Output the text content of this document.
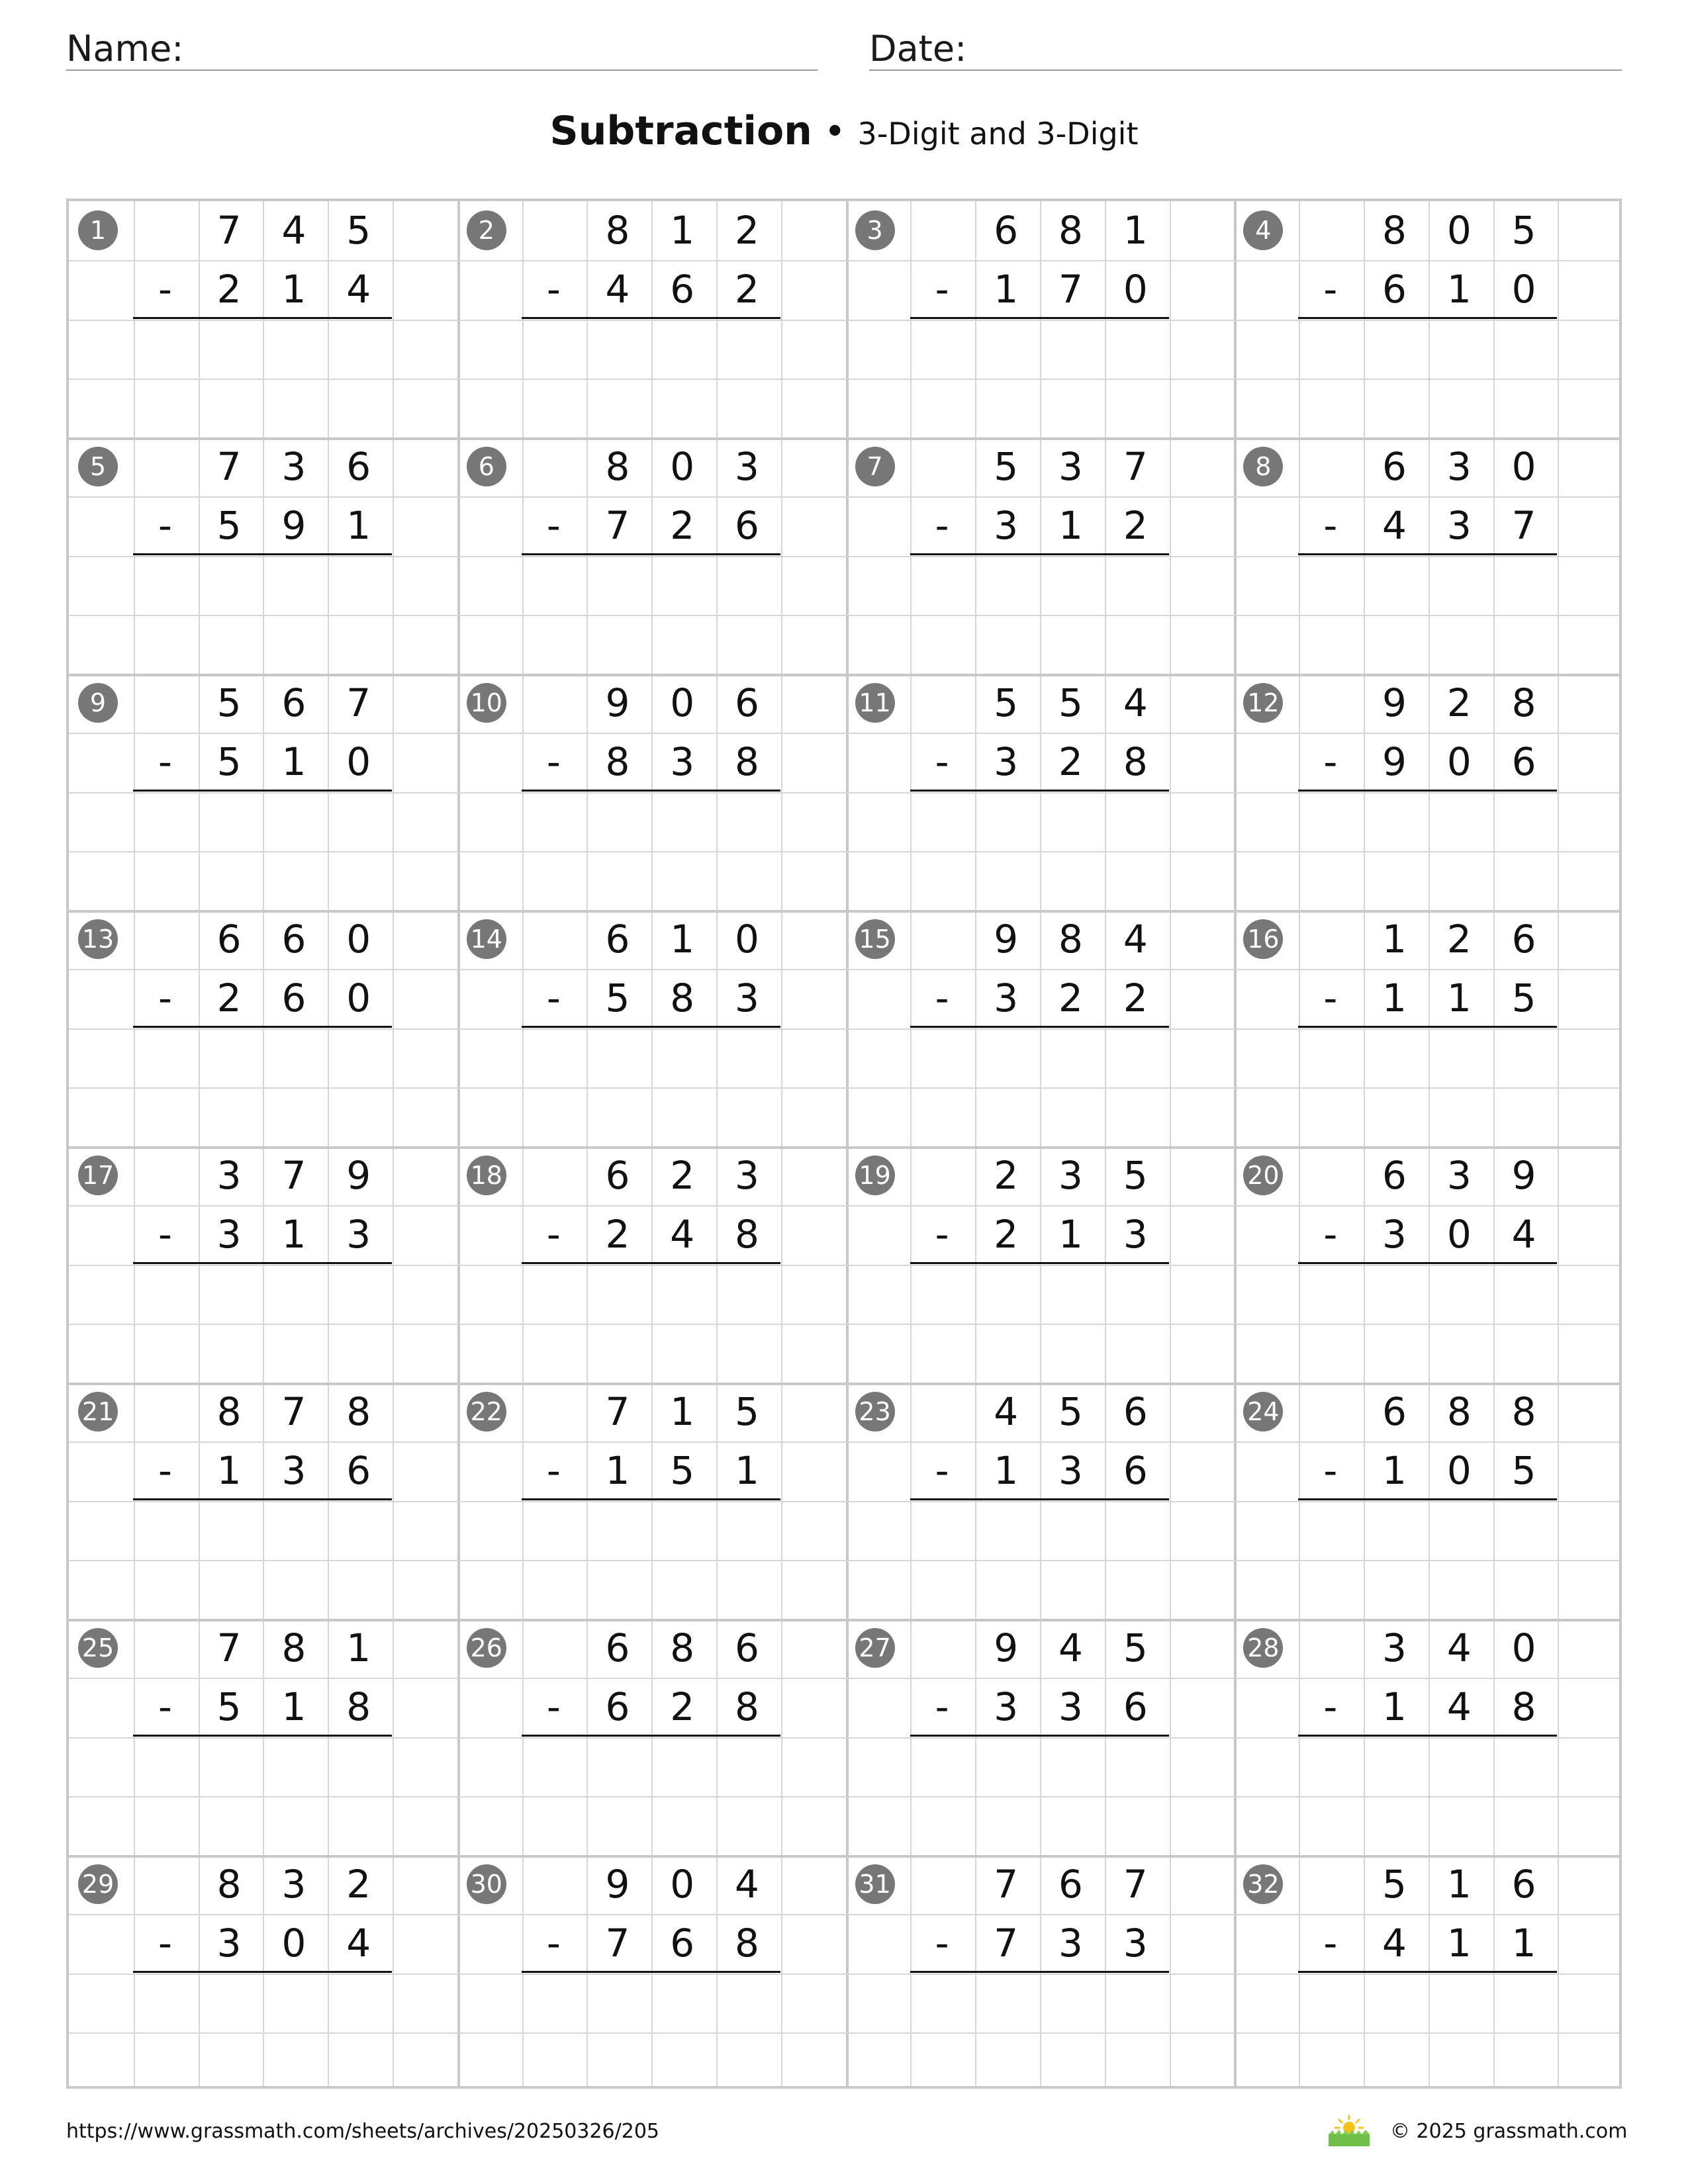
Name:	Date:
Subtraction • 3-Digit and 3-Digit
1
-
7	4	5
2	1	4
2
-
8	1	2
4	6	2
3
-
6	8	1
1	7	0
4
-
8	0	5
6	1	0
5
-
7	3	6
5	9	1
6
-
8	0	3
7	2	6
7
-
5	3	7
3	1	2
8
-
6	3	0
4	3	7
9
-
5	6	7
5	1	0
10
-
9	0	6
8	3	8
11
-
5	5	4
3	2	8
12
-
9	2	8
9	0	6
13
-
6	6	0
2	6	0
14
-
6	1	0
5	8	3
15
-
9	8	4
3	2	2
16
-
1	2	6
1	1	5
17
-
3	7	9
3	1	3
18
-
6	2	3
2	4	8
19
-
2	3	5
2	1	3
20
-
6	3	9
3	0	4
21
-
8	7	8
1	3	6
22
-
7	1	5
1	5	1
23
-
4	5	6
1	3	6
24
-
6	8	8
1	0	5
25
-
7	8	1
5	1	8
26
-
6	8	6
6	2	8
27
-
9	4	5
3	3	6
28
-
3	4	0
1	4	8
29
-
8	3	2
3	0	4
30
-
9	0	4
7	6	8
31
-
7	6	7
7	3	3
32
-
5	1	6
4	1	1
https://www.grassmath.com/sheets/archives/20250326/205	© 2025 grassmath.com
